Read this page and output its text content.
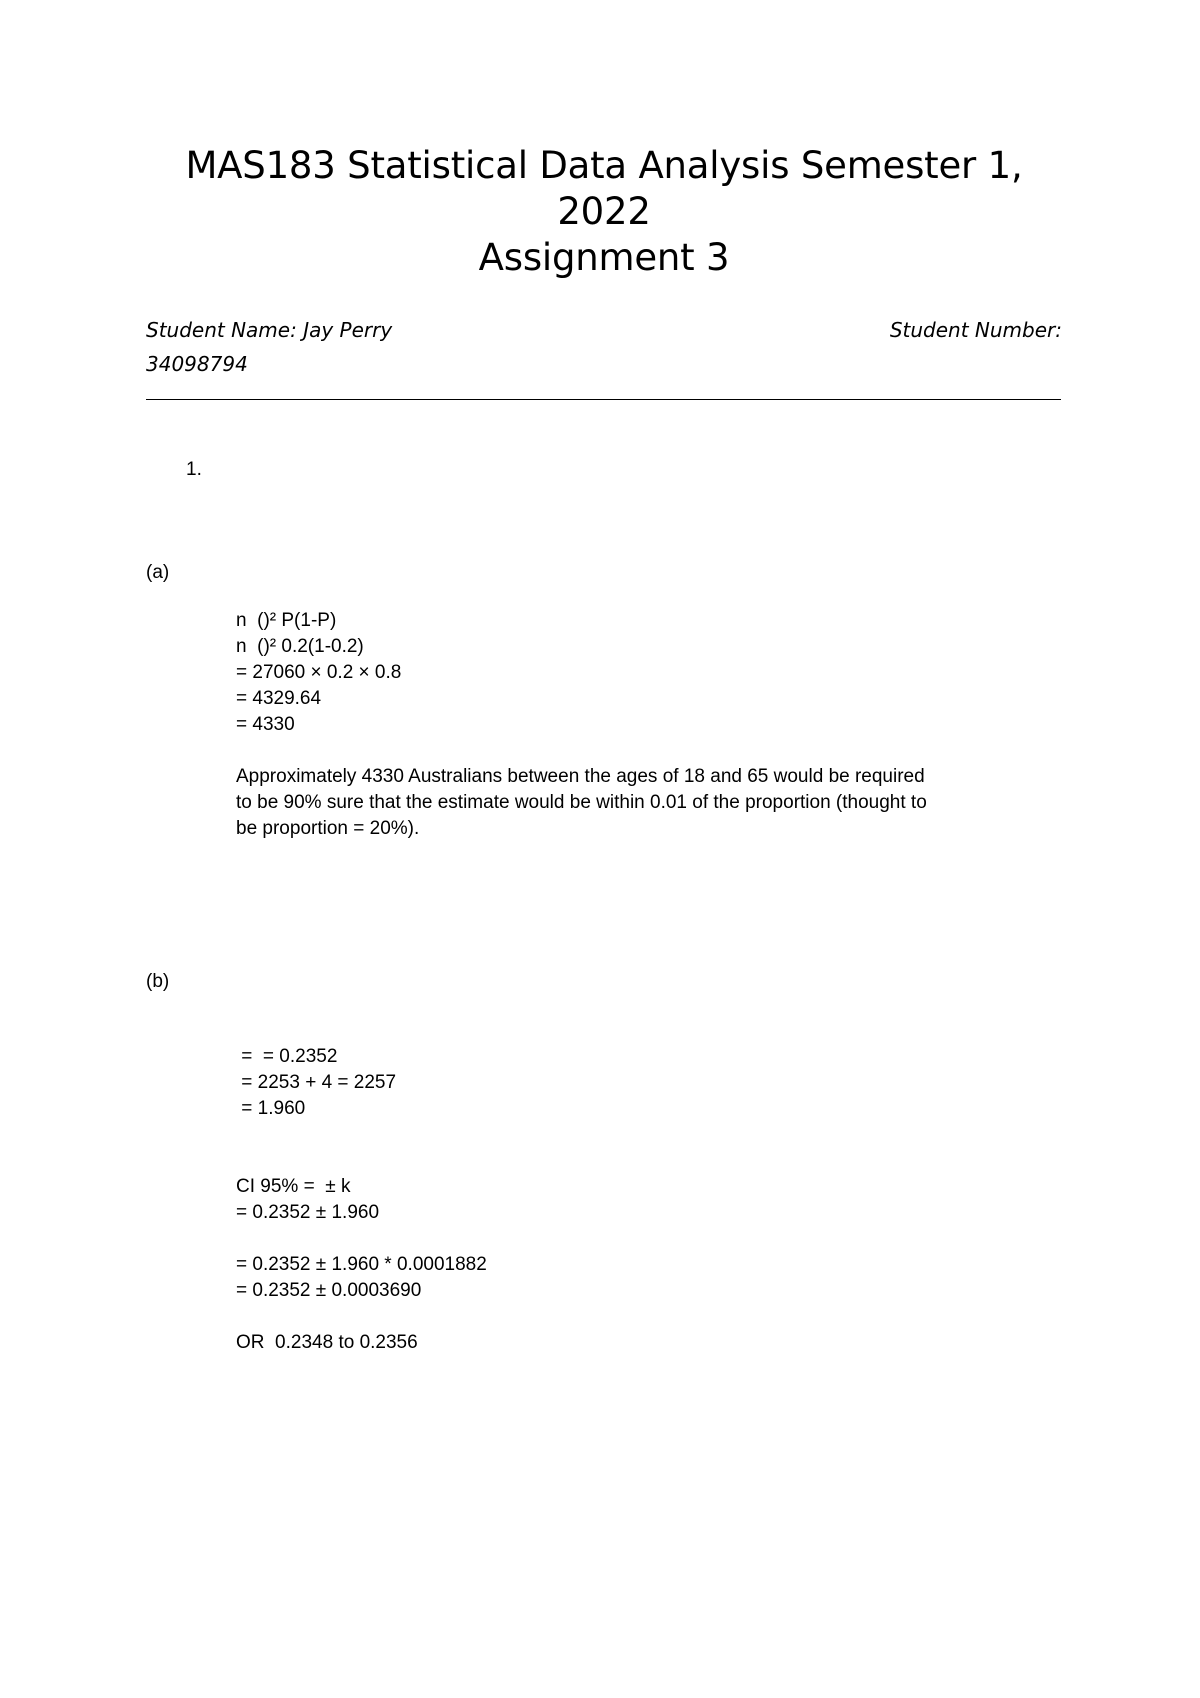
MAS183 Statistical Data Analysis Semester 1,
2022
Assignment 3
Student Name: Jay Perry	Student Number:
34098794
1.
(a)
n  ()² P(1-P)
n  ()² 0.2(1-0.2)
= 27060 × 0.2 × 0.8
= 4329.64
= 4330
Approximately 4330 Australians between the ages of 18 and 65 would be required
to be 90% sure that the estimate would be within 0.01 of the proportion (thought to
be proportion = 20%).
(b)
=  = 0.2352
= 2253 + 4 = 2257
= 1.960
CI 95% =  ± k
= 0.2352 ± 1.960
= 0.2352 ± 1.960 * 0.0001882
= 0.2352 ± 0.0003690
OR  0.2348 to 0.2356
